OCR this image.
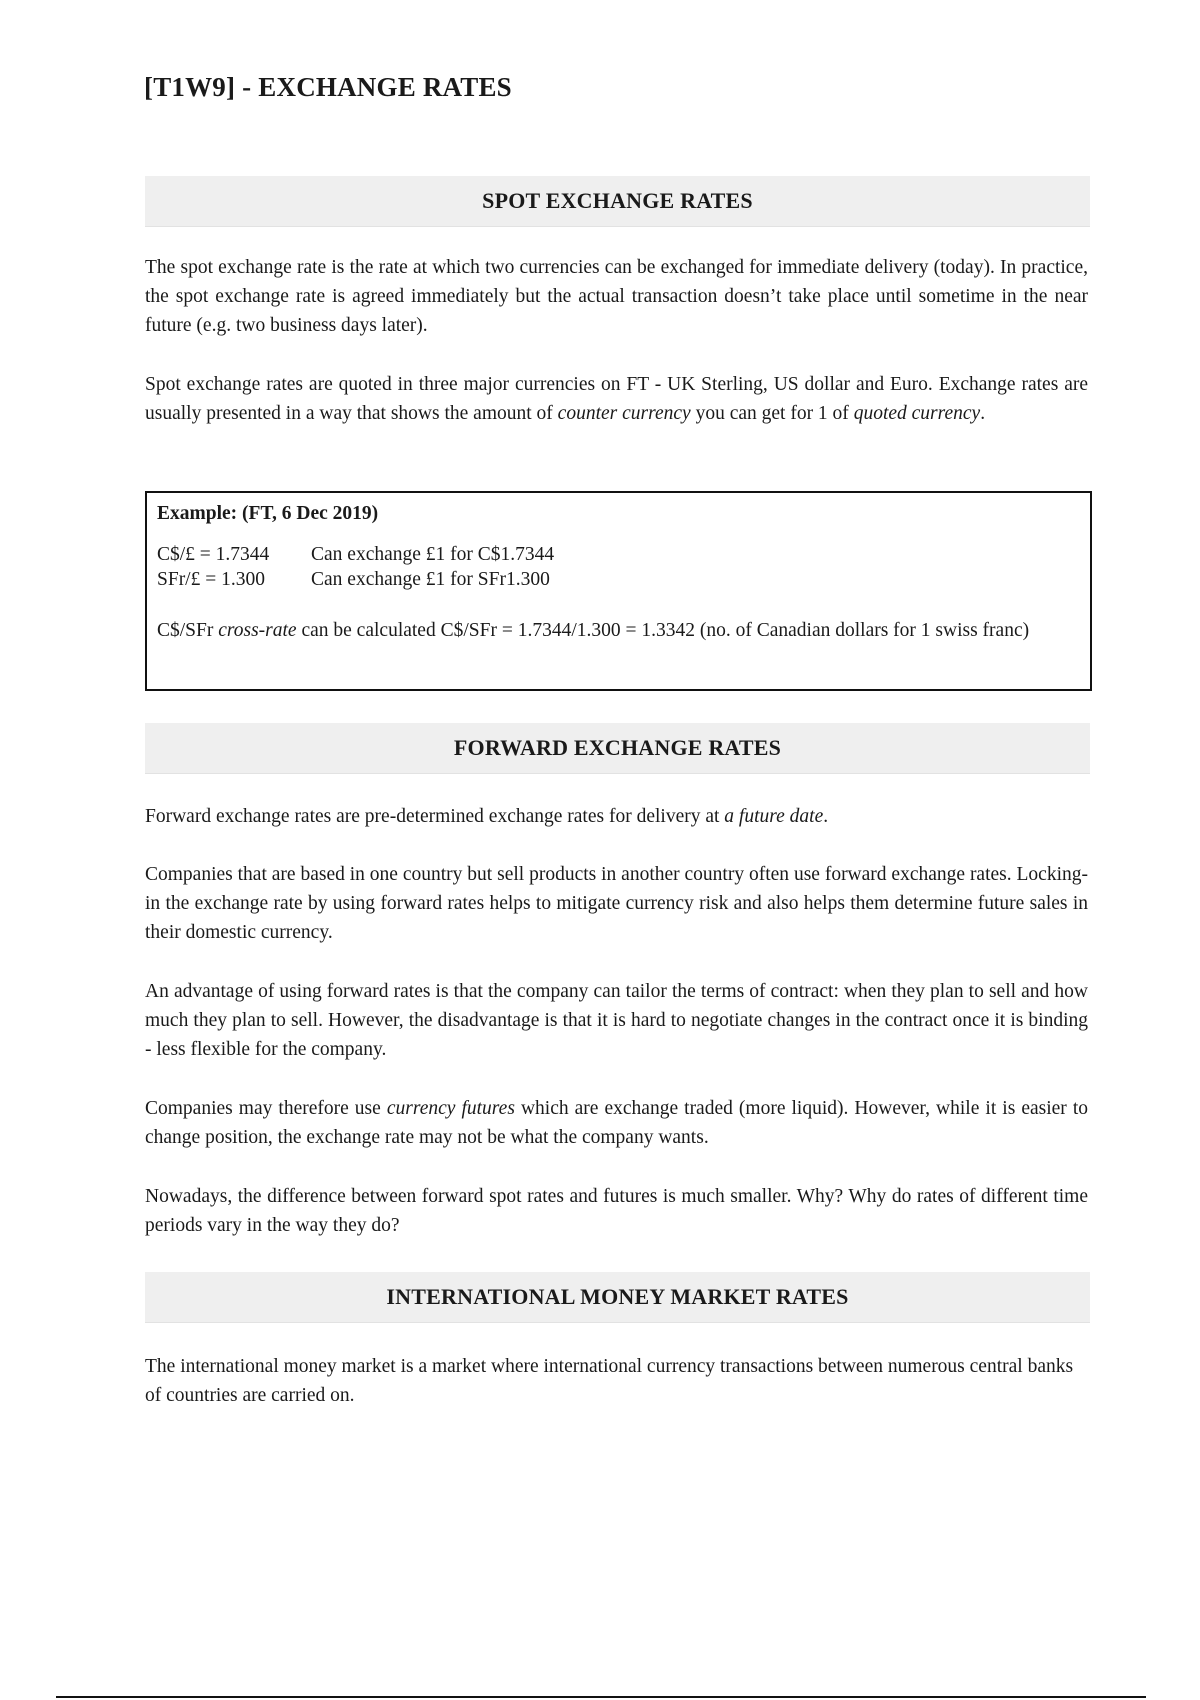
[T1W9] - EXCHANGE RATES
SPOT EXCHANGE RATES

The spot exchange rate is the rate at which two currencies can be exchanged for immediate delivery (today). In practice, the spot exchange rate is agreed immediately but the actual transaction doesn’t take place until sometime in the near future (e.g. two business days later).

Spot exchange rates are quoted in three major currencies on FT - UK Sterling, US dollar and Euro. Exchange rates are usually presented in a way that shows the amount of counter currency you can get for 1 of quoted currency.

Example: (FT, 6 Dec 2019)
C$/£ = 1.7344	Can exchange £1 for C$1.7344
SFr/£ = 1.300	Can exchange £1 for SFr1.300
C$/SFr cross-rate can be calculated C$/SFr = 1.7344/1.300 = 1.3342 (no. of Canadian dollars for 1 swiss franc)
FORWARD EXCHANGE RATES

Forward exchange rates are pre-determined exchange rates for delivery at a future date.

Companies that are based in one country but sell products in another country often use forward exchange rates. Locking-in the exchange rate by using forward rates helps to mitigate currency risk and also helps them determine future sales in their domestic currency.

An advantage of using forward rates is that the company can tailor the terms of contract: when they plan to sell and how much they plan to sell. However, the disadvantage is that it is hard to negotiate changes in the contract once it is binding - less flexible for the company.

Companies may therefore use currency futures which are exchange traded (more liquid). However, while it is easier to change position, the exchange rate may not be what the company wants.

Nowadays, the difference between forward spot rates and futures is much smaller. Why? Why do rates of different time periods vary in the way they do?

INTERNATIONAL MONEY MARKET RATES

The international money market is a market where international currency transactions between numerous central banks of countries are carried on.
